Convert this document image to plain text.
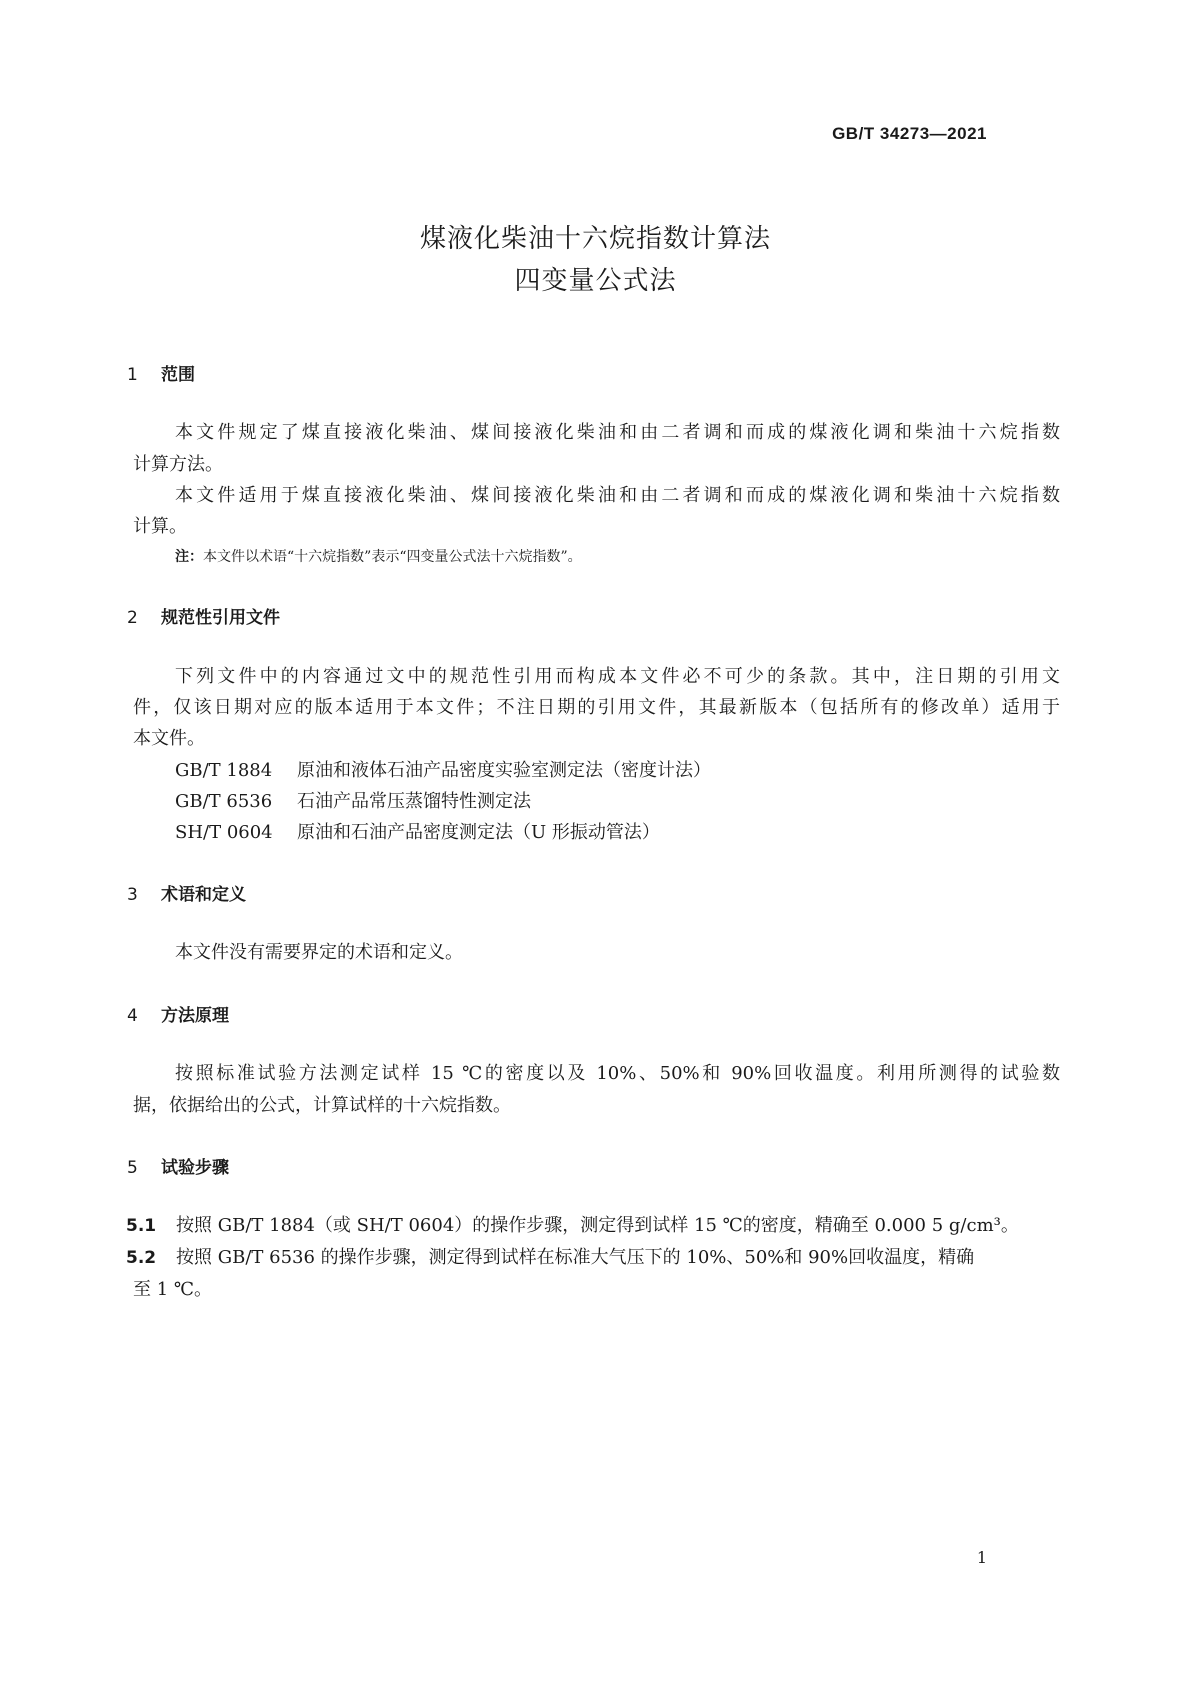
GB/T 34273—2021
煤液化柴油十六烷指数计算法
四变量公式法
1 范围
本文件规定了煤直接液化柴油、煤间接液化柴油和由二者调和而成的煤液化调和柴油十六烷指数
计算方法。
本文件适用于煤直接液化柴油、煤间接液化柴油和由二者调和而成的煤液化调和柴油十六烷指数
计算。
注：本文件以术语“十六烷指数”表示“四变量公式法十六烷指数”。
2 规范性引用文件
下列文件中的内容通过文中的规范性引用而构成本文件必不可少的条款。其中，注日期的引用文
件，仅该日期对应的版本适用于本文件；不注日期的引用文件，其最新版本（包括所有的修改单）适用于
本文件。
GB/T 1884 原油和液体石油产品密度实验室测定法（密度计法）
GB/T 6536 石油产品常压蒸馏特性测定法
SH/T 0604 原油和石油产品密度测定法（U 形振动管法）
3 术语和定义
本文件没有需要界定的术语和定义。
4 方法原理
按照标准试验方法测定试样 15 ℃的密度以及 10%、50%和 90%回收温度。利用所测得的试验数
据，依据给出的公式，计算试样的十六烷指数。
5 试验步骤
5.1 按照 GB/T 1884（或 SH/T 0604）的操作步骤，测定得到试样 15 ℃的密度，精确至 0.000 5 g/cm³。
5.2 按照 GB/T 6536 的操作步骤，测定得到试样在标准大气压下的 10%、50%和 90%回收温度，精确
至 1 ℃。
1
